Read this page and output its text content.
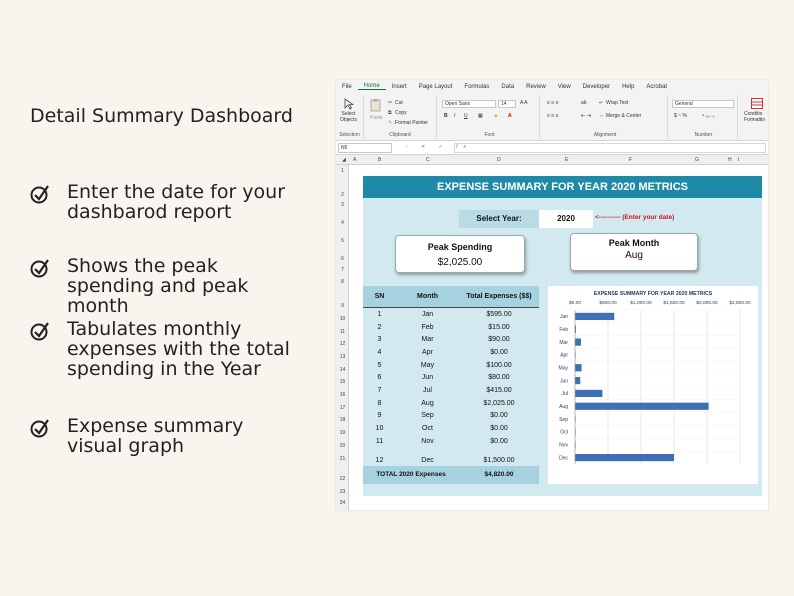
Detail Summary Dashboard
Enter the date for your
dashbarod report
Shows the peak
spending and peak
month
Tabulates monthly
expenses with the total
spending in the Year
Expense summary
visual graph
File	Home	Insert	Page Layout	Formulas	Data	Review	View	Developer	Help	Acrobat
Select
Objects
Selection
Paste
✂ Cut
⧉ Copy
✎ Format Painter
Clipboard
Open Sans	14	A A
B I U ▦ ◈ A
Font
≡ ≡ ≡	ab ↵ Wrap Text
≡ ≡ ≡	⇤ ⇥ ⇔ Merge & Center
Alignment
General
$ ~ %	⁹ ₀₀ .₀
Number
Conditio
Formattin
N5	⁝ ✕ ✓ fx
◢ A	B	C	D	E	F	G	H I
1
2
3
4
5
6
7
8
9
10
11
12
13
14
15
16
17
18
19
20
21
22
23
24
EXPENSE SUMMARY FOR YEAR 2020 METRICS
Select Year:	2020	<---------- (Enter your date)
Peak Spending
$2,025.00
Peak Month
Aug
SN	Month	Total Expenses ($$)
1	Jan	$595.00
2	Feb	$15.00
3	Mar	$90.00
4	Apr	$0.00
5	May	$100.00
6	Jun	$80.00
7	Jul	$415.00
8	Aug	$2,025.00
9	Sep	$0.00
10	Oct	$0.00
11	Nov	$0.00
12	Dec	$1,500.00
TOTAL 2020 Expenses	$4,820.00
EXPENSE SUMMARY FOR YEAR 2020 METRICS
$0.00	$500.00	$1,000.00 $1,500.00 $2,000.00 $2,500.00
Jan
Feb
Mar
Apr
May
Jun
Jul
Aug
Sep
Oct
Nov
Dec
